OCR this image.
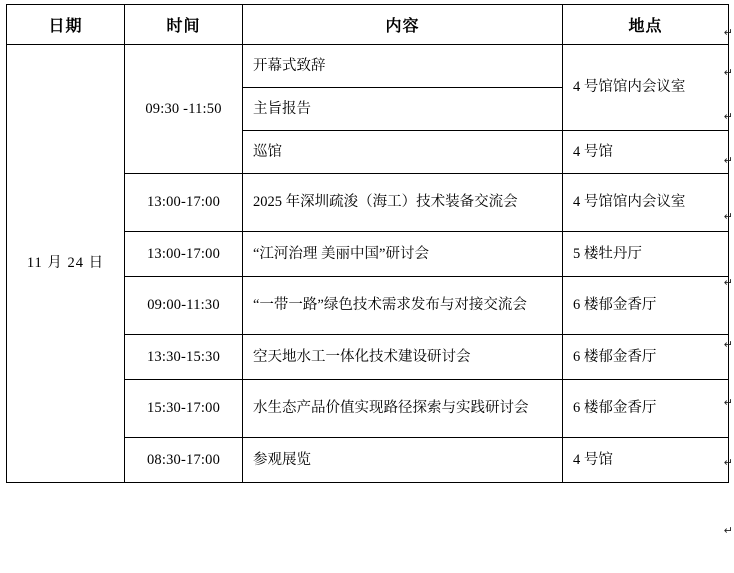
日期	时间	内容	地点

11 月 24 日	09:30 -11:50	开幕式致辞	4 号馆馆内会议室

		主旨报告	

		巡馆	4 号馆

	13:00-17:00	2025 年深圳疏浚（海工）技术装备交流会	4 号馆馆内会议室

	13:00-17:00	“江河治理 美丽中国”研讨会	5 楼牡丹厅

	09:00-11:30	“一带一路”绿色技术需求发布与对接交流会	6 楼郁金香厅

	13:30-15:30	空天地水工一体化技术建设研讨会	6 楼郁金香厅

	15:30-17:00	水生态产品价值实现路径探索与实践研讨会	6 楼郁金香厅

	08:30-17:00	参观展览	4 号馆
↵
↵
↵
↵
↵
↵
↵
↵
↵
↵
